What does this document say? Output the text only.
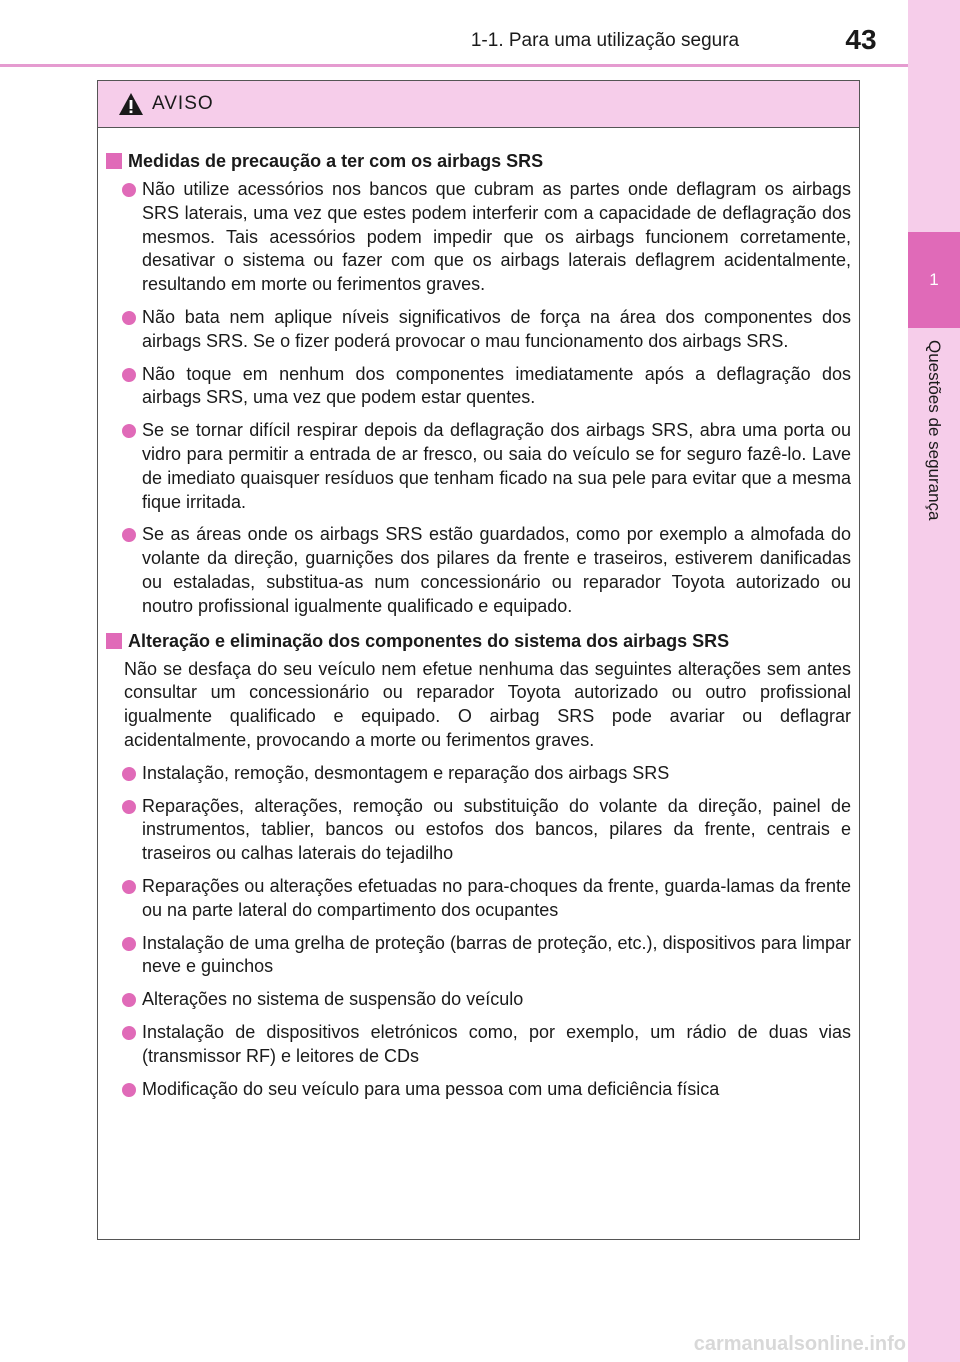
1-1. Para uma utilização segura	43
1
Questões de segurança
AVISO
Medidas de precaução a ter com os airbags SRS
Não utilize acessórios nos bancos que cubram as partes onde deflagram os airbags SRS laterais, uma vez que estes podem interferir com a capacidade de deflagração dos mesmos. Tais acessórios podem impedir que os airbags funcionem corretamente, desativar o sistema ou fazer com que os airbags laterais deflagrem acidentalmente, resultando em morte ou ferimentos graves.
Não bata nem aplique níveis significativos de força na área dos componentes dos airbags SRS. Se o fizer poderá provocar o mau funcionamento dos airbags SRS.
Não toque em nenhum dos componentes imediatamente após a deflagração dos airbags SRS, uma vez que podem estar quentes.
Se se tornar difícil respirar depois da deflagração dos airbags SRS, abra uma porta ou vidro para permitir a entrada de ar fresco, ou saia do veículo se for seguro fazê-lo. Lave de imediato quaisquer resíduos que tenham ficado na sua pele para evitar que a mesma fique irritada.
Se as áreas onde os airbags SRS estão guardados, como por exemplo a almofada do volante da direção, guarnições dos pilares da frente e traseiros, estiverem danificadas ou estaladas, substitua-as num concessionário ou reparador Toyota autorizado ou noutro profissional igualmente qualificado e equipado.
Alteração e eliminação dos componentes do sistema dos airbags SRS
Não se desfaça do seu veículo nem efetue nenhuma das seguintes alterações sem antes consultar um concessionário ou reparador Toyota autorizado ou outro profissional igualmente qualificado e equipado. O airbag SRS pode avariar ou deflagrar acidentalmente, provocando a morte ou ferimentos graves.
Instalação, remoção, desmontagem e reparação dos airbags SRS
Reparações, alterações, remoção ou substituição do volante da direção, painel de instrumentos, tablier, bancos ou estofos dos bancos, pilares da frente, centrais e traseiros ou calhas laterais do tejadilho
Reparações ou alterações efetuadas no para-choques da frente, guarda-lamas da frente ou na parte lateral do compartimento dos ocupantes
Instalação de uma grelha de proteção (barras de proteção, etc.), dispositivos para limpar neve e guinchos
Alterações no sistema de suspensão do veículo
Instalação de dispositivos eletrónicos como, por exemplo, um rádio de duas vias (transmissor RF) e leitores de CDs
Modificação do seu veículo para uma pessoa com uma deficiência física
carmanualsonline.info
